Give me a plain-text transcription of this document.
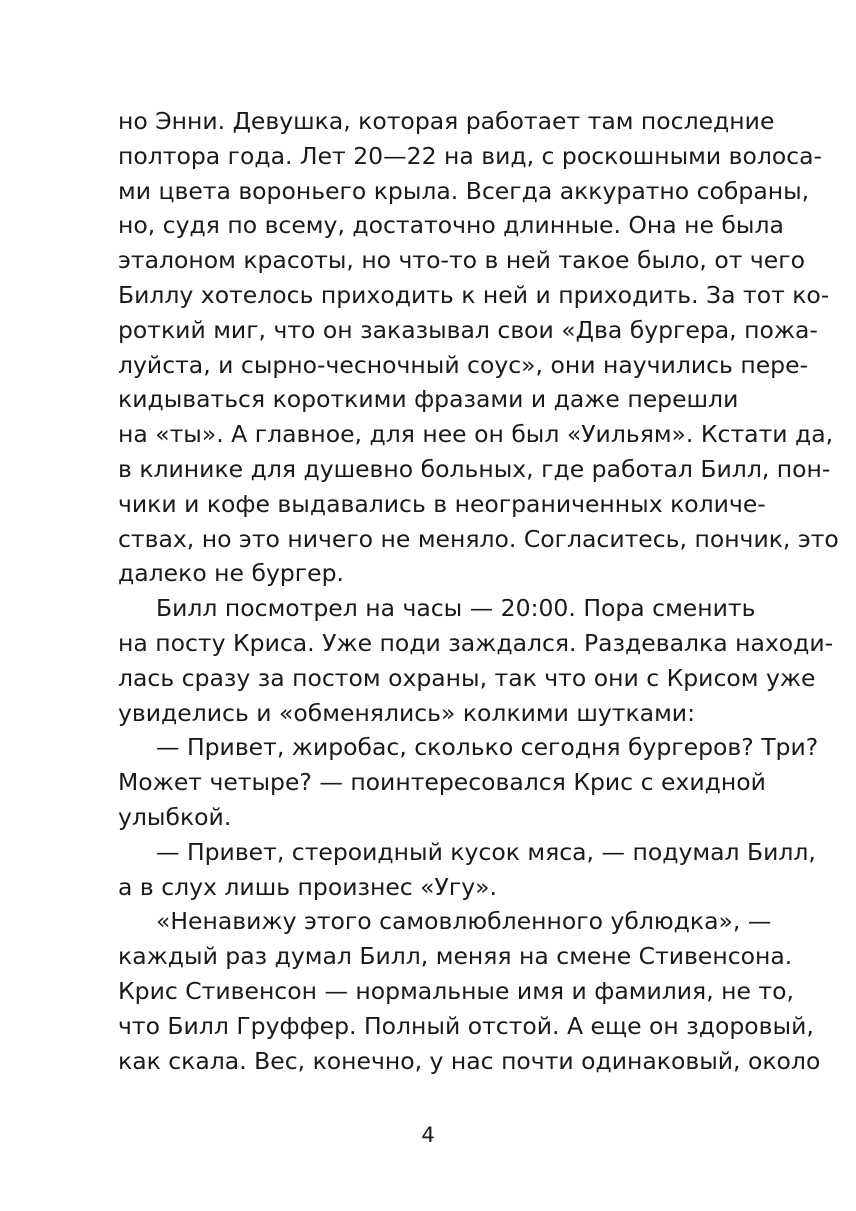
но Энни. Девушка, которая работает там последние
полтора года. Лет 20—22 на вид, с роскошными волоса-
ми цвета вороньего крыла. Всегда аккуратно собраны,
но, судя по всему, достаточно длинные. Она не была
эталоном красоты, но что-то в ней такое было, от чего
Биллу хотелось приходить к ней и приходить. За тот ко-
роткий миг, что он заказывал свои «Два бургера, пожа-
луйста, и сырно-чесночный соус», они научились пере-
кидываться короткими фразами и даже перешли
на «ты». А главное, для нее он был «Уильям». Кстати да,
в клинике для душевно больных, где работал Билл, пон-
чики и кофе выдавались в неограниченных количе-
ствах, но это ничего не меняло. Согласитесь, пончик, это
далеко не бургер.
Билл посмотрел на часы — 20:00. Пора сменить
на посту Криса. Уже поди заждался. Раздевалка находи-
лась сразу за постом охраны, так что они с Крисом уже
увиделись и «обменялись» колкими шутками:
— Привет, жиробас, сколько сегодня бургеров? Три?
Может четыре? — поинтересовался Крис с ехидной
улыбкой.
— Привет, стероидный кусок мяса, — подумал Билл,
а в слух лишь произнес «Угу».
«Ненавижу этого самовлюбленного ублюдка», —
каждый раз думал Билл, меняя на смене Стивенсона.
Крис Стивенсон — нормальные имя и фамилия, не то,
что Билл Груффер. Полный отстой. А еще он здоровый,
как скала. Вес, конечно, у нас почти одинаковый, около
4
